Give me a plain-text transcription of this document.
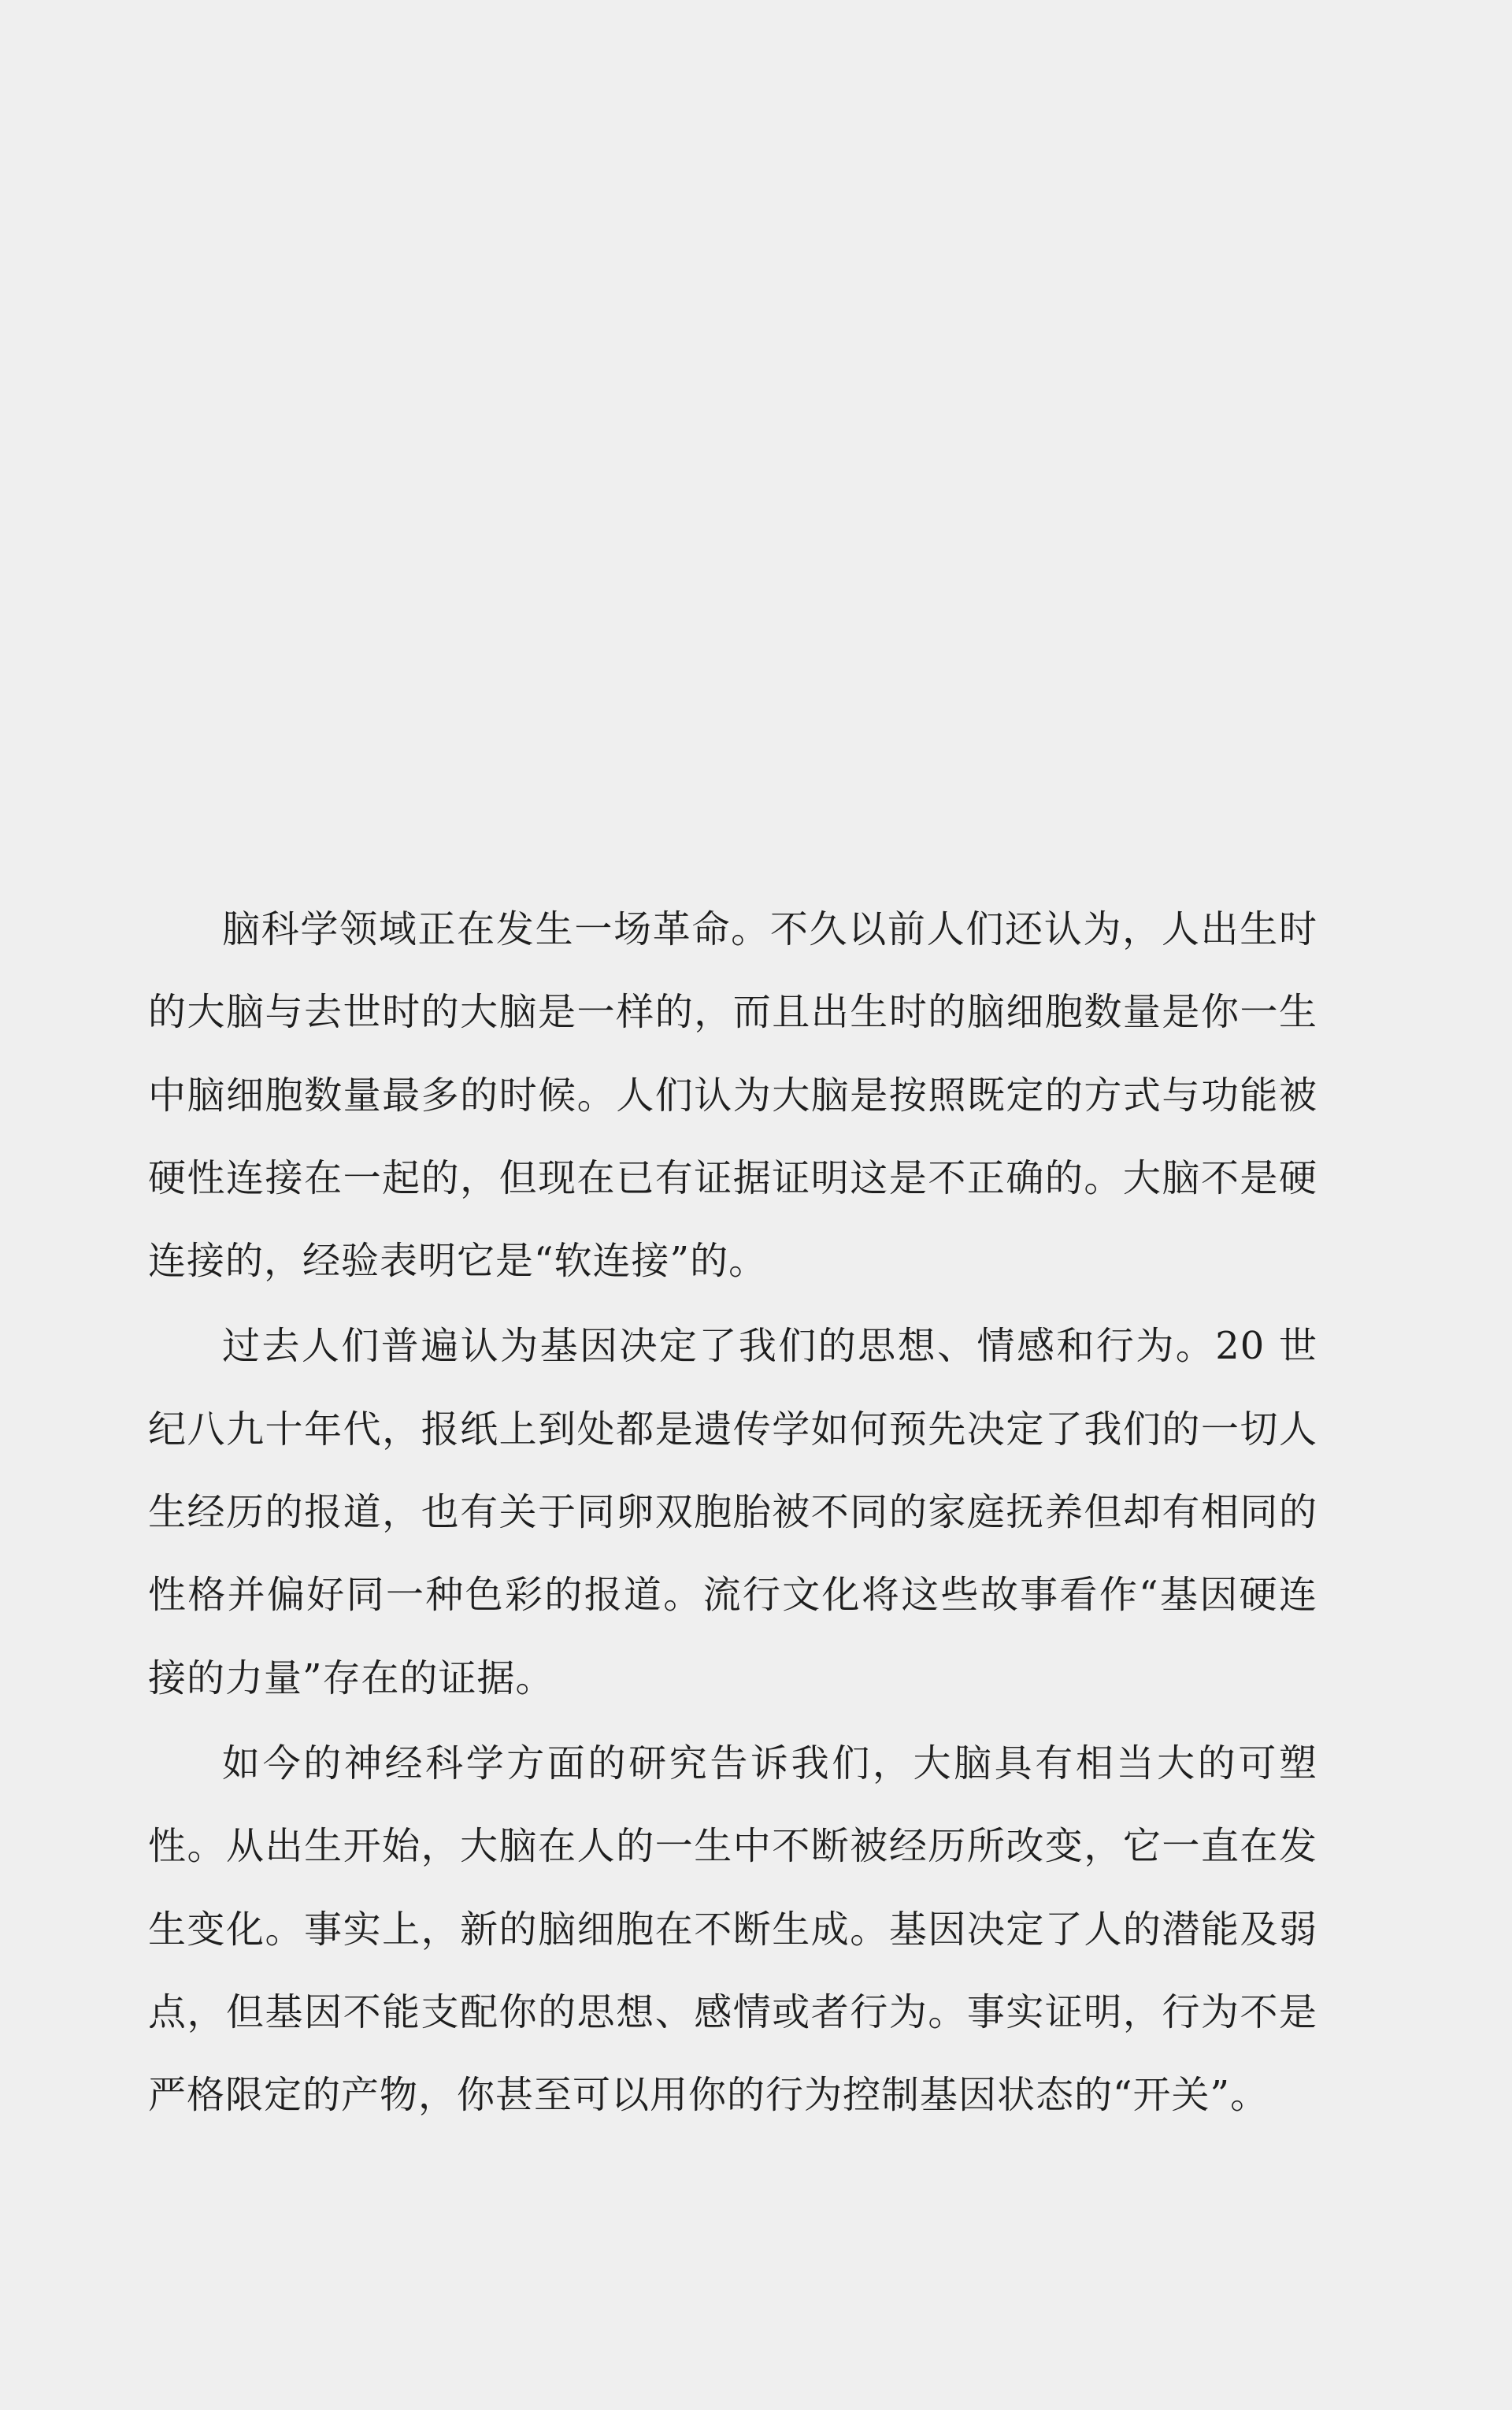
脑科学领域正在发生一场革命。不久以前人们还认为，人出生时的大脑与去世时的大脑是一样的，而且出生时的脑细胞数量是你一生中脑细胞数量最多的时候。人们认为大脑是按照既定的方式与功能被硬性连接在一起的，但现在已有证据证明这是不正确的。大脑不是硬连接的，经验表明它是“软连接”的。

过去人们普遍认为基因决定了我们的思想、情感和行为。20 世纪八九十年代，报纸上到处都是遗传学如何预先决定了我们的一切人生经历的报道，也有关于同卵双胞胎被不同的家庭抚养但却有相同的性格并偏好同一种色彩的报道。流行文化将这些故事看作“基因硬连接的力量”存在的证据。

如今的神经科学方面的研究告诉我们，大脑具有相当大的可塑性。从出生开始，大脑在人的一生中不断被经历所改变，它一直在发生变化。事实上，新的脑细胞在不断生成。基因决定了人的潜能及弱点，但基因不能支配你的思想、感情或者行为。事实证明，行为不是严格限定的产物，你甚至可以用你的行为控制基因状态的“开关”。
